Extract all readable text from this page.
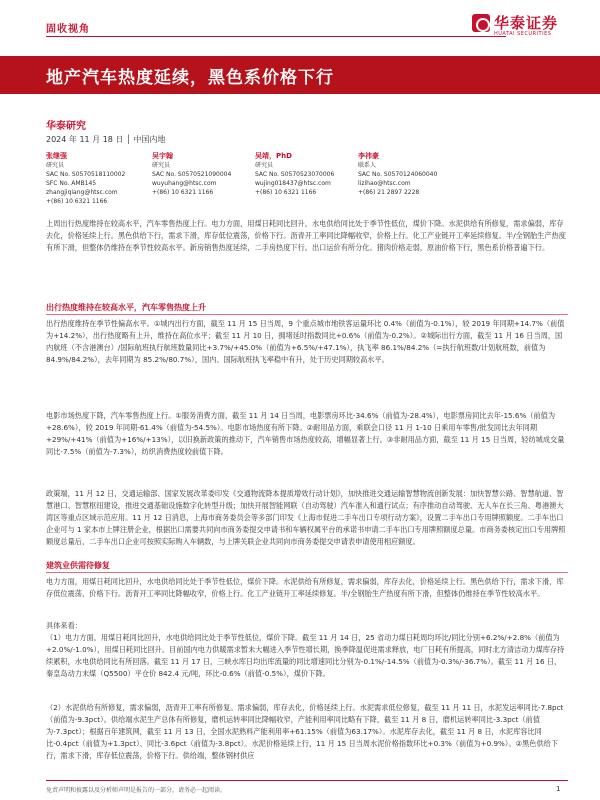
固收视角	华泰证券
HUATAI SECURITIES
地产汽车热度延续，黑色系价格下行
华泰研究
2024 年 11 月 18 日 │ 中国内地
张继强
研究员
SAC No. S0570518110002
SFC No. AMB145
zhangjiqiang@htsc.com
+(86) 10 6321 1166
吴宇翰
研究员
SAC No. S0570521090004
wuyuhang@htsc.com
+(86) 10 6321 1166
吴靖，PhD
研究员
SAC No. S0570523070006
wujing018437@htsc.com
+(86) 10 6321 1166
李祎豪
联系人
SAC No. S0570124060040
lizihao@htsc.com
+(86) 21 2897 2228
上周出行热度维持在较高水平，汽车零售热度上行。电力方面，用煤日耗同比回升，水电供给同比处于季节性低位，煤价下降。水泥供给有所修复，需求偏弱，库存去化，价格延续上行。黑色供给下行，需求下滑，库存低位震荡，价格下行。沥青开工率同比降幅收窄，价格上行。化工产业链开工率延续修复。半/全钢胎生产热度有所下滑，但整体仍维持在季节性较高水平。新房销售热度延续，二手房热度下行。出口运价有所分化。猪肉价格走弱，原油价格下行，黑色系价格普遍下行。
出行热度维持在较高水平，汽车零售热度上升
出行热度维持在季节性偏高水平。①城内出行方面，截至 11 月 15 日当周，9 个重点城市地铁客运量环比 0.4%（前值为-0.1%），较 2019 年同期+14.7%（前值为+14.2%），出行热度略有上升，维持在高位水平；截至 11 月 10 日，拥堵延时指数同比+0.6%（前值为-0.2%）。②城际出行方面，截至 11 月 16 日当周，国内航班（不含港澳台）/国际航班执行航班数量同比+3.7%/+45.0%（前值为+6.5%/+47.1%），执飞率 86.1%/84.2%（=执行航班数/计划航班数，前值为 84.9%/84.2%），去年同期为 85.2%/80.7%），国内、国际航班执飞率稳中有升，处于历史同期较高水平。
电影市场热度下降，汽车零售热度上行。①服务消费方面，截至 11 月 14 日当周，电影票房环比-34.6%（前值为-28.4%），电影票房同比去年-15.6%（前值为+28.6%），较 2019 年同期-61.4%（前值为-54.5%）。电影市场热度有所下降。②耐用品方面，乘联会口径 11 月 1-10 日乘用车零售/批发同比去年同期+29%/+41%（前值为+16%/+13%），以旧换新政策的推动下，汽车销售市场热度较高，增幅显著上行。③非耐用品方面，截至 11 月 15 日当周，轻纺城成交量同比-7.5%（前值为-7.3%），纺织消费热度较前值下降。
政策端，11 月 12 日，交通运输部、国家发展改革委印发《交通物流降本提质增效行动计划》，加快推进交通运输智慧物流创新发展：加快智慧公路、智慧航道、智慧港口、智慧枢纽建设，推进交通基础设施数字化转型升级；加快开展智能网联（自动驾驶）汽车准入和通行试点；有序推动自动驾驶、无人车在长三角、粤港澳大湾区等重点区域示范应用。11 月 12 日消息，上海市商务委员会等多部门印发《上海市促进二手车出口专项行动方案》，设置二手车出口专用牌照额度。二手车出口企业可与 1 家本市上牌注册企业，根据出口需要共同向市商务委提交申请书和车辆权属平台的承诺书申请二手车出口专用牌照额度总量。市商务委核定出口专用牌照额度总量后，二手车出口企业可按照实际购入车辆数，与上牌关联企业共同向市商务委提交申请表申请使用相应额度。
建筑业供需待修复
电力方面，用煤日耗同比回升，水电供给同比处于季节性低位，煤价下降。水泥供给有所修复，需求偏弱，库存去化，价格延续上行。黑色供给下行，需求下滑，库存低位震荡，价格下行。沥青开工率同比降幅收窄，价格上行。化工产业链开工率延续修复。半/全钢胎生产热度有所下滑，但整体仍维持在季节性较高水平。
具体来看：
（1）电力方面，用煤日耗同比回升，水电供给同比处于季节性低位，煤价下降。截至 11 月 14 日，25 省动力煤日耗周均环比/同比分别+6.2%/+2.8%（前值为+2.0%/-1.0%），用煤日耗同比回升。目前国内电力供暖需求暂未大幅进入季节性增长期，换季降温促进需求释放，电厂日耗有所提高，同时北方清洁动力煤库存持续累积，水电供给同比有所回落。截至 11 月 17 日，三峡水库日均出库流量的同比增速同比分别为-0.1%/-14.5%（前值为-0.3%/-36.7%）。截至 11 月 16 日，秦皇岛动力末煤（Q5500）平仓价 842.4 元/吨，环比-0.6%（前值-0.5%），煤价下降。
（2）水泥供给有所修复，需求偏弱，沥青开工率有所修复。需求偏弱，库存去化，价格延续上行。水泥需求低位修复，截至 11 月 11 日，水泥发运率同比-7.8pct（前值为-9.3pct）。供给端水泥生产总体有所修复，磨机运转率同比降幅收窄，产能利用率同比略有下降，截至 11 月 8 日，磨机运转率同比-3.3pct（前值为-7.3pct）；根据百年建筑网，截至 11 月 13 日，全国水泥熟料产能利用率+61.15%（前值为63.17%）。水泥库存去化，截至 11 月 8 日，水泥库容比同比-0.4pct（前值为+1.3pct）、同比-3.6pct（前值为-3.8pct）。水泥价格延续上行，11 月 15 日当周水泥价格指数环比+0.3%（前值为+0.9%）。②黑色供给下行，需求下滑，库存低位震荡，价格下行。供给端，整体钢材供应
免责声明和披露以及分析师声明是报告的一部分，请务必一起阅读。	1
